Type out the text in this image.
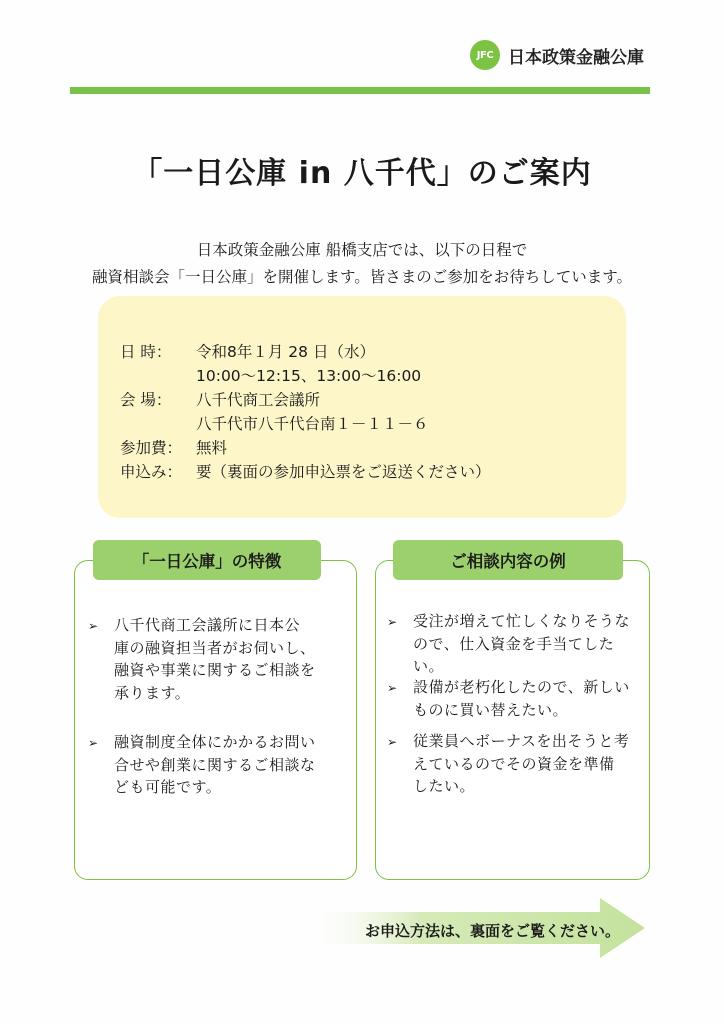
JFC 日本政策金融公庫
「一日公庫 in 八千代」のご案内
日本政策金融公庫 船橋支店では、以下の日程で
融資相談会「一日公庫」を開催します。皆さまのご参加をお待ちしています。
日 時： 令和8年１月 28 日（水）
10:00～12:15、13:00～16:00
会 場： 八千代商工会議所
八千代市八千代台南１－１１－６
参加費： 無料
申込み： 要（裏面の参加申込票をご返送ください）
「一日公庫」の特徴
➢	八千代商工会議所に日本公
庫の融資担当者がお伺いし、
融資や事業に関するご相談を
承ります。
➢	融資制度全体にかかるお問い
合せや創業に関するご相談な
ども可能です。
ご相談内容の例
➢	受注が増えて忙しくなりそうな
ので、仕入資金を手当てした
い。
➢	設備が老朽化したので、新しい
ものに買い替えたい。
➢	従業員へボーナスを出そうと考
えているのでその資金を準備
したい。
お申込方法は、裏面をご覧ください。
